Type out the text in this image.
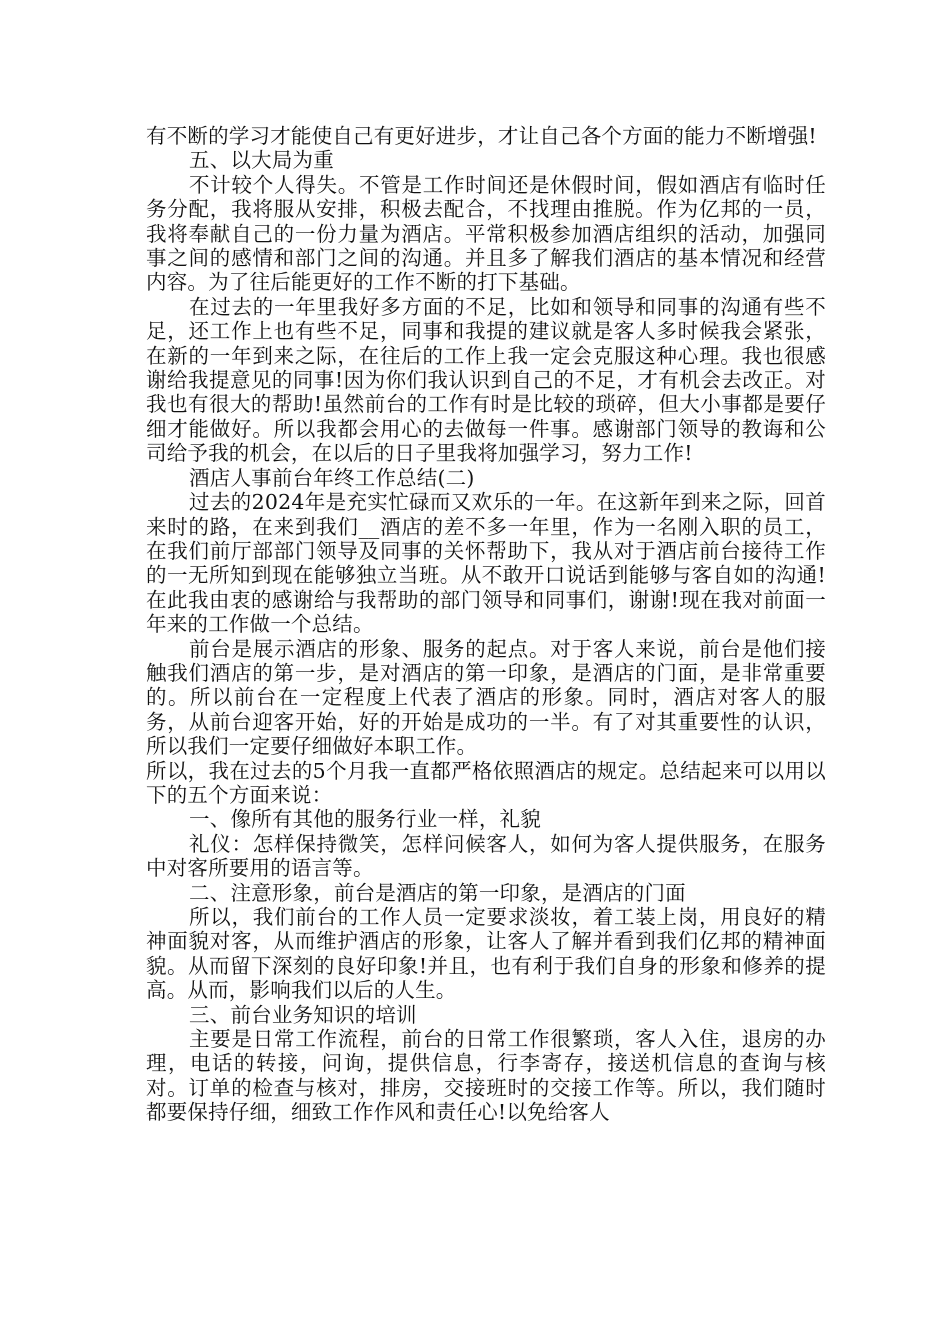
有不断的学习才能使自己有更好进步，才让自己各个方面的能力不断增强!

五、以大局为重

不计较个人得失。不管是工作时间还是休假时间，假如酒店有临时任务分配，我将服从安排，积极去配合，不找理由推脱。作为亿邦的一员，我将奉献自己的一份力量为酒店。平常积极参加酒店组织的活动，加强同事之间的感情和部门之间的沟通。并且多了解我们酒店的基本情况和经营内容。为了往后能更好的工作不断的打下基础。

在过去的一年里我好多方面的不足，比如和领导和同事的沟通有些不足，还工作上也有些不足，同事和我提的建议就是客人多时候我会紧张，在新的一年到来之际，在往后的工作上我一定会克服这种心理。我也很感谢给我提意见的同事!因为你们我认识到自己的不足，才有机会去改正。对我也有很大的帮助!虽然前台的工作有时是比较的琐碎，但大小事都是要仔细才能做好。所以我都会用心的去做每一件事。感谢部门领导的教诲和公司给予我的机会，在以后的日子里我将加强学习，努力工作!

酒店人事前台年终工作总结(二)

过去的2024年是充实忙碌而又欢乐的一年。在这新年到来之际，回首来时的路，在来到我们__酒店的差不多一年里，作为一名刚入职的员工，在我们前厅部部门领导及同事的关怀帮助下，我从对于酒店前台接待工作的一无所知到现在能够独立当班。从不敢开口说话到能够与客自如的沟通!在此我由衷的感谢给与我帮助的部门领导和同事们，谢谢!现在我对前面一年来的工作做一个总结。

前台是展示酒店的形象、服务的起点。对于客人来说，前台是他们接触我们酒店的第一步，是对酒店的第一印象，是酒店的门面，是非常重要的。所以前台在一定程度上代表了酒店的形象。同时，酒店对客人的服务，从前台迎客开始，好的开始是成功的一半。有了对其重要性的认识，所以我们一定要仔细做好本职工作。

所以，我在过去的5个月我一直都严格依照酒店的规定。总结起来可以用以下的五个方面来说：

一、像所有其他的服务行业一样，礼貌

礼仪：怎样保持微笑，怎样问候客人，如何为客人提供服务，在服务中对客所要用的语言等。

二、注意形象，前台是酒店的第一印象，是酒店的门面

所以，我们前台的工作人员一定要求淡妆，着工装上岗，用良好的精神面貌对客，从而维护酒店的形象，让客人了解并看到我们亿邦的精神面貌。从而留下深刻的良好印象!并且，也有利于我们自身的形象和修养的提高。从而，影响我们以后的人生。

三、前台业务知识的培训

主要是日常工作流程，前台的日常工作很繁琐，客人入住，退房的办理，电话的转接，问询，提供信息，行李寄存，接送机信息的查询与核对。订单的检查与核对，排房，交接班时的交接工作等。所以，我们随时都要保持仔细，细致工作作风和责任心!以免给客人
